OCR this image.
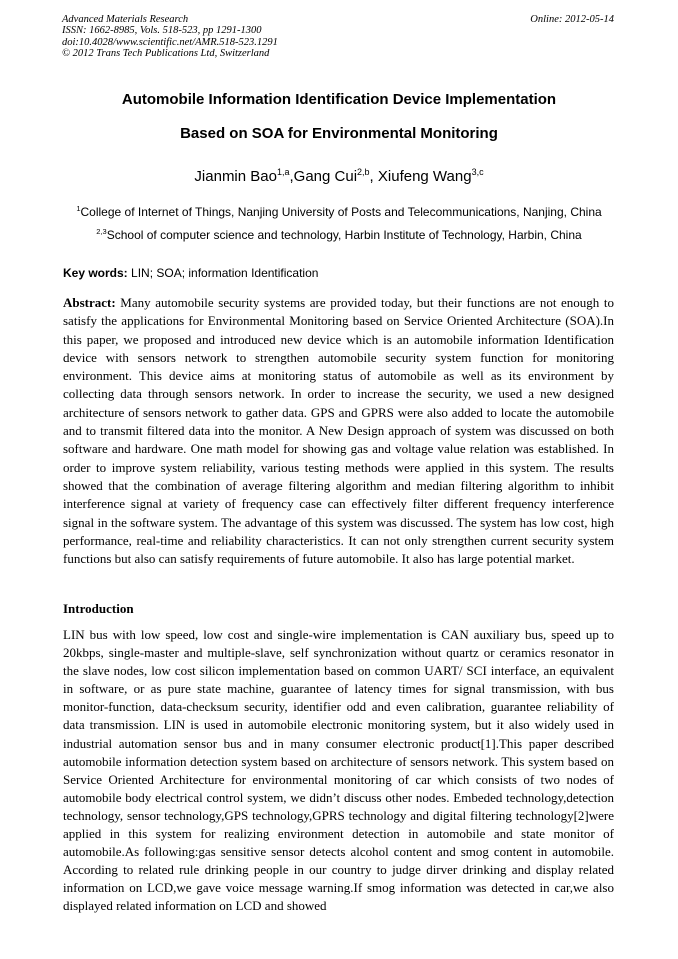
Advanced Materials Research
ISSN: 1662-8985, Vols. 518-523, pp 1291-1300
doi:10.4028/www.scientific.net/AMR.518-523.1291
© 2012 Trans Tech Publications Ltd, Switzerland
Online: 2012-05-14
Automobile Information Identification Device Implementation
Based on SOA for Environmental Monitoring
Jianmin Bao$^{1,a}$,Gang Cui$^{2,b}$, Xiufeng Wang$^{3,c}$
$^1$College of Internet of Things, Nanjing University of Posts and Telecommunications, Nanjing, China
$^{2,3}$School of computer science and technology, Harbin Institute of Technology, Harbin, China
Key words: LIN; SOA; information Identification

Abstract: Many automobile security systems are provided today, but their functions are not enough to satisfy the applications for Environmental Monitoring based on Service Oriented Architecture (SOA).In this paper, we proposed and introduced new device which is an automobile information Identification device with sensors network to strengthen automobile security system function for monitoring environment. This device aims at monitoring status of automobile as well as its environment by collecting data through sensors network. In order to increase the security, we used a new designed architecture of sensors network to gather data. GPS and GPRS were also added to locate the automobile and to transmit filtered data into the monitor. A New Design approach of system was discussed on both software and hardware. One math model for showing gas and voltage value relation was established. In order to improve system reliability, various testing methods were applied in this system. The results showed that the combination of average filtering algorithm and median filtering algorithm to inhibit interference signal at variety of frequency case can effectively filter different frequency interference signal in the software system. The advantage of this system was discussed. The system has low cost, high performance, real-time and reliability characteristics. It can not only strengthen current security system functions but also can satisfy requirements of future automobile. It also has large potential market.

Introduction

LIN bus with low speed, low cost and single-wire implementation is CAN auxiliary bus, speed up to 20kbps, single-master and multiple-slave, self synchronization without quartz or ceramics resonator in the slave nodes, low cost silicon implementation based on common UART/ SCI interface, an equivalent in software, or as pure state machine, guarantee of latency times for signal transmission, with bus monitor-function, data-checksum security, identifier odd and even calibration, guarantee reliability of data transmission. LIN is used in automobile electronic monitoring system, but it also widely used in industrial automation sensor bus and in many consumer electronic product[1].This paper described automobile information detection system based on architecture of sensors network. This system based on Service Oriented Architecture for environmental monitoring of car which consists of two nodes of automobile body electrical control system, we didn’t discuss other nodes. Embeded technology,detection technology, sensor technology,GPS technology,GPRS technology and digital filtering technology[2]were applied in this system for realizing environment detection in automobile and state monitor of automobile.As following:gas sensitive sensor detects alcohol content and smog content in automobile. According to related rule drinking people in our country to judge dirver drinking and display related information on LCD,we gave voice message warning.If smog information was detected in car,we also displayed related information on LCD and showed
